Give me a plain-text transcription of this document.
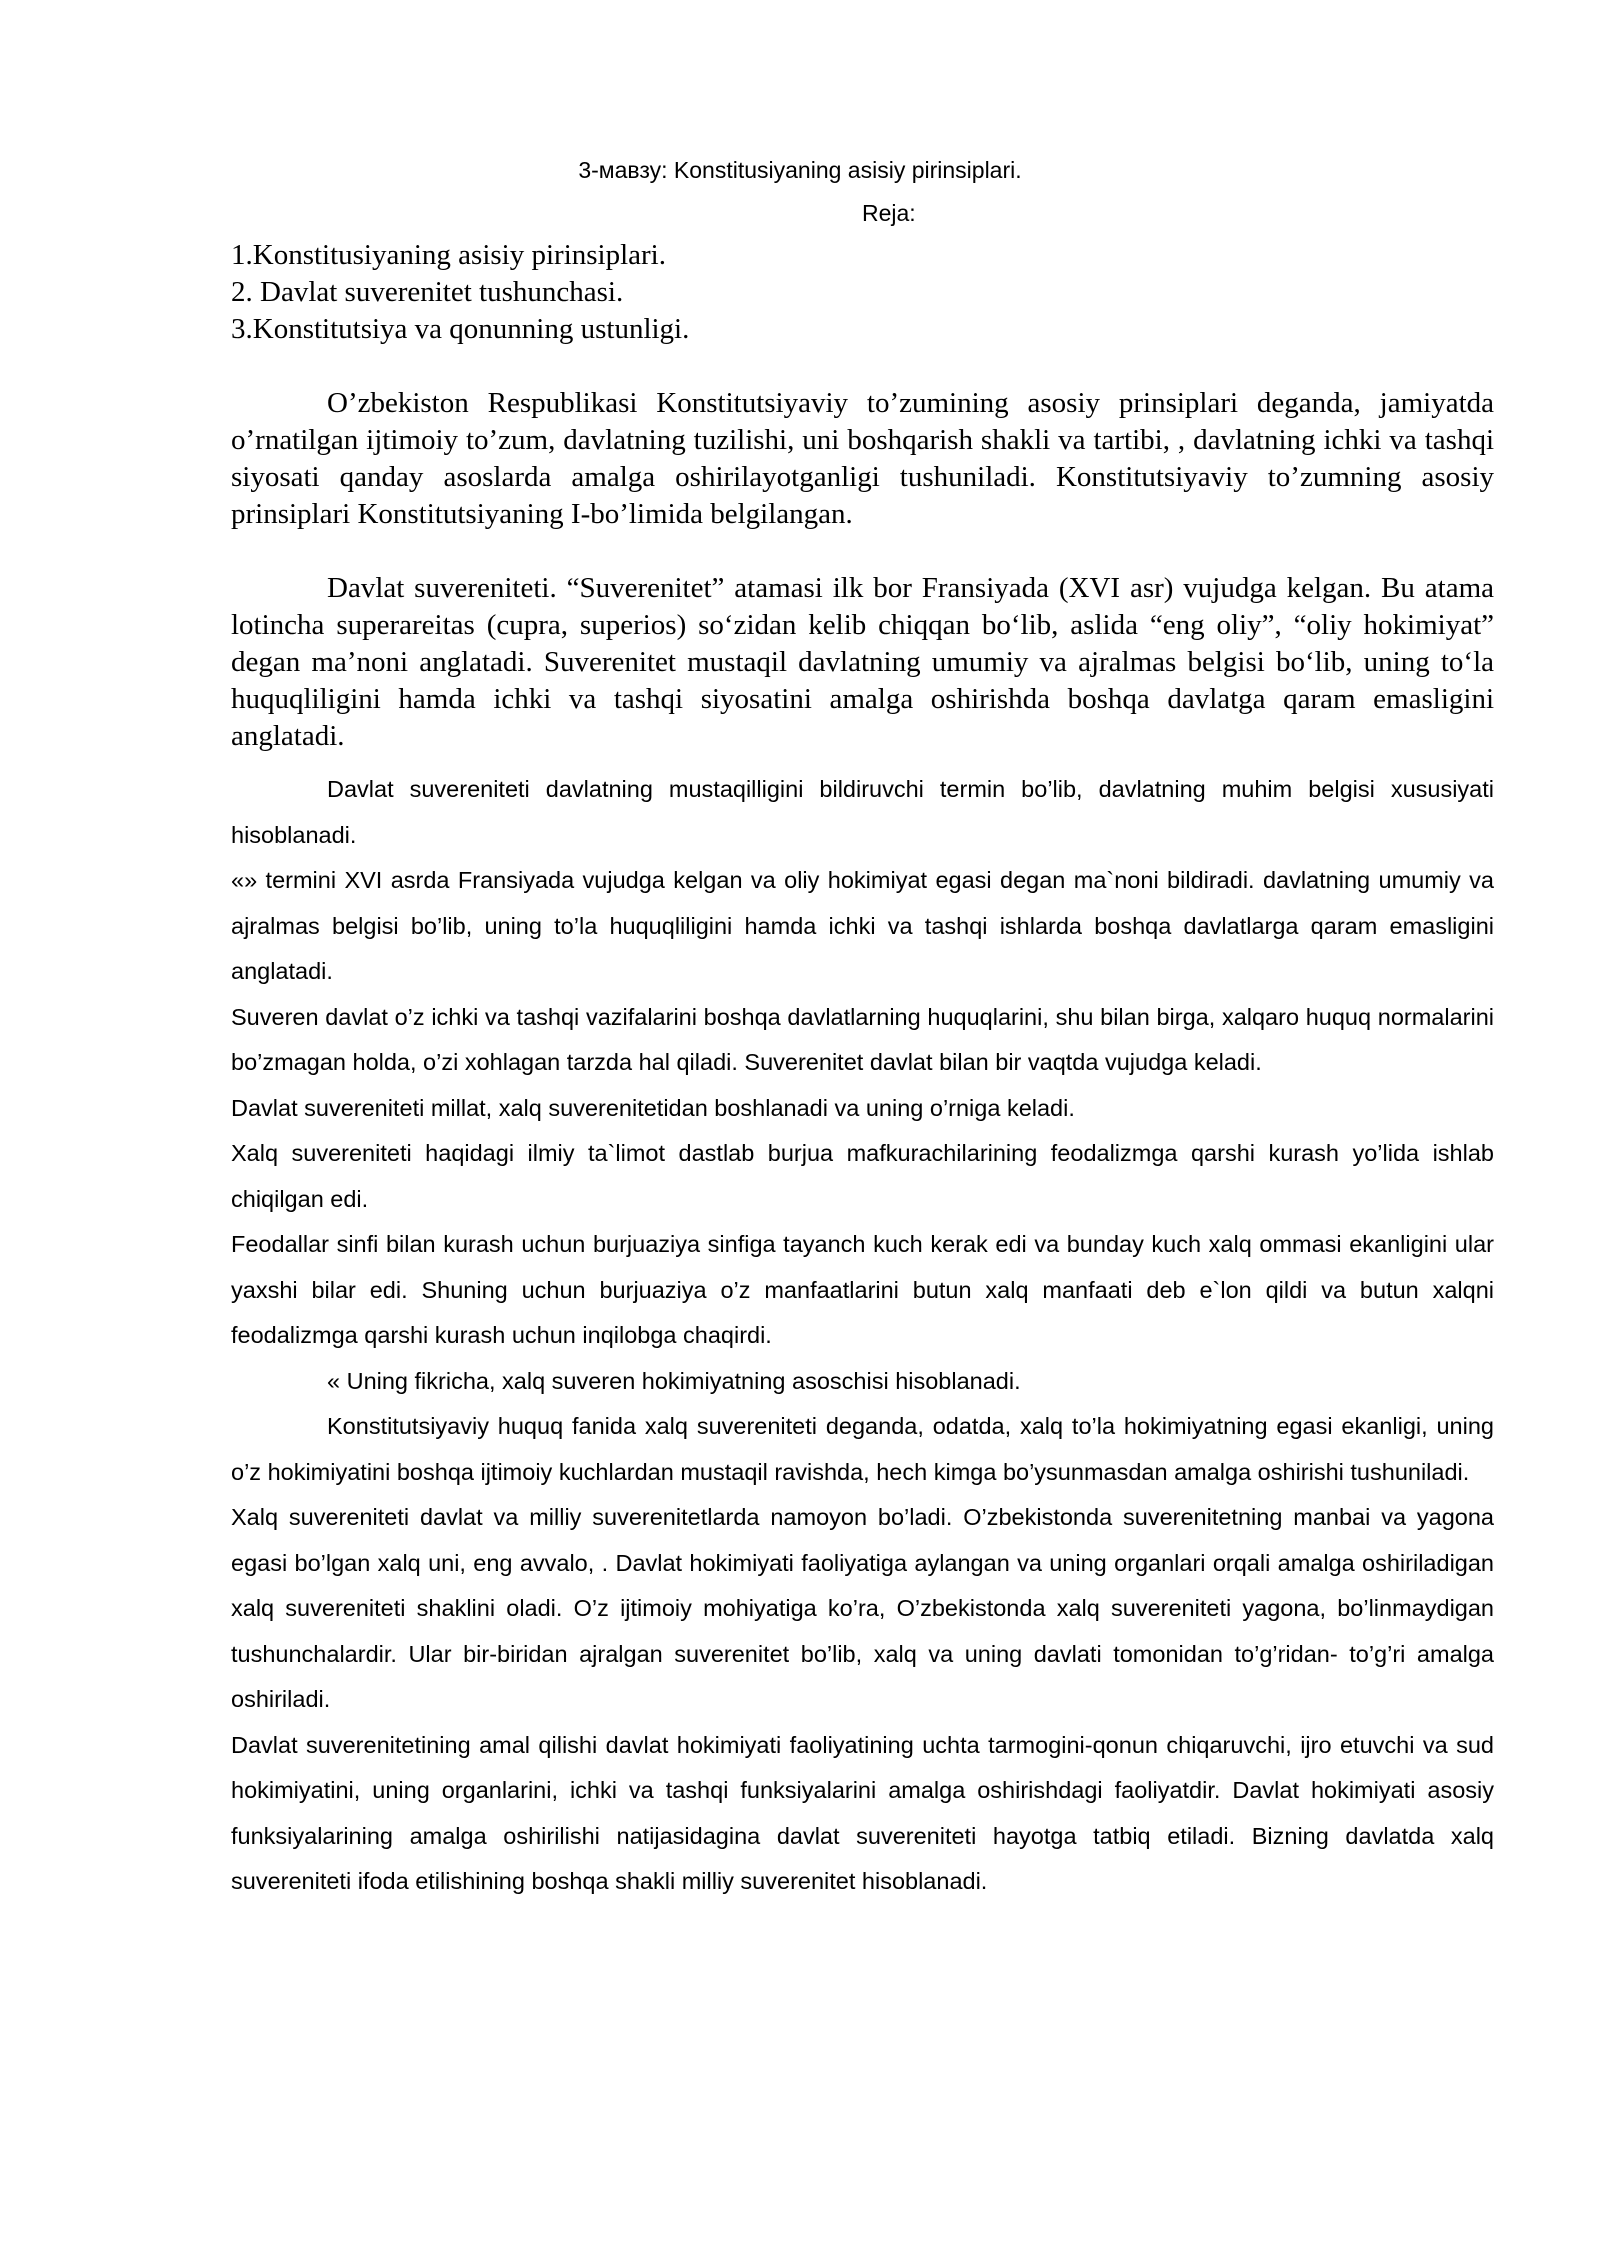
3-мавзу: Konstitusiyaning asisiy pirinsiplari.

Reja:

1.Konstitusiyaning asisiy pirinsiplari.
2. Davlat suverenitet tushunchasi.
3.Konstitutsiya va qonunning ustunligi.

O’zbekiston Respublikasi Konstitutsiyaviy to’zumining asosiy prinsiplari deganda, jamiyatda o’rnatilgan ijtimoiy to’zum, davlatning tuzilishi, uni boshqarish shakli va tartibi, , davlatning ichki va tashqi siyosati qanday asoslarda amalga oshirilayotganligi tushuniladi. Konstitutsiyaviy to’zumning asosiy prinsiplari Konstitutsiyaning I-bo’limida belgilangan.

Davlat suvereniteti. “Suverenitet” atamasi ilk bor Fransiyada (XVI asr) vujudga kelgan. Bu atama lotincha superareitas (cupra, superios) so‘zidan kelib chiqqan bo‘lib, aslida “eng oliy”, “oliy hokimiyat” degan ma’noni anglatadi. Suverenitet mustaqil davlatning umumiy va ajralmas belgisi bo‘lib, uning to‘la huquqliligini hamda ichki va tashqi siyosatini amalga oshirishda boshqa davlatga qaram emasligini anglatadi.

Davlat suvereniteti davlatning mustaqilligini bildiruvchi termin bo’lib, davlatning muhim belgisi xususiyati hisoblanadi.

«» termini XVI asrda Fransiyada vujudga kelgan va oliy hokimiyat egasi degan ma`noni bildiradi. davlatning umumiy va ajralmas belgisi bo’lib, uning to’la huquqliligini hamda ichki va tashqi ishlarda boshqa davlatlarga qaram emasligini anglatadi.

Suveren davlat o’z ichki va tashqi vazifalarini boshqa davlatlarning huquqlarini, shu bilan birga, xalqaro huquq normalarini bo’zmagan holda, o’zi xohlagan tarzda hal qiladi. Suverenitet davlat bilan bir vaqtda vujudga keladi.

Davlat suvereniteti millat, xalq suverenitetidan boshlanadi va uning o’rniga keladi.

Xalq suvereniteti haqidagi ilmiy ta`limot dastlab burjua mafkurachilarining feodalizmga qarshi kurash yo’lida ishlab chiqilgan edi.

Feodallar sinfi bilan kurash uchun burjuaziya sinfiga tayanch kuch kerak edi va bunday kuch xalq ommasi ekanligini ular yaxshi bilar edi. Shuning uchun burjuaziya o’z manfaatlarini butun xalq manfaati deb e`lon qildi va butun xalqni feodalizmga qarshi kurash uchun inqilobga chaqirdi.

« Uning fikricha, xalq suveren hokimiyatning asoschisi hisoblanadi.

Konstitutsiyaviy huquq fanida xalq suvereniteti deganda, odatda, xalq to’la hokimiyatning egasi ekanligi, uning o’z hokimiyatini boshqa ijtimoiy kuchlardan mustaqil ravishda, hech kimga bo’ysunmasdan amalga oshirishi tushuniladi.

Xalq suvereniteti davlat va milliy suverenitetlarda namoyon bo’ladi. O’zbekistonda suverenitetning manbai va yagona egasi bo’lgan xalq uni, eng avvalo, . Davlat hokimiyati faoliyatiga aylangan va uning organlari orqali amalga oshiriladigan xalq suvereniteti shaklini oladi. O’z ijtimoiy mohiyatiga ko’ra, O’zbekistonda xalq suvereniteti yagona, bo’linmaydigan tushunchalardir. Ular bir-biridan ajralgan suverenitet bo’lib, xalq va uning davlati tomonidan to’g’ridan- to’g’ri amalga oshiriladi.

Davlat suverenitetining amal qilishi davlat hokimiyati faoliyatining uchta tarmogini-qonun chiqaruvchi, ijro etuvchi va sud hokimiyatini, uning organlarini, ichki va tashqi funksiyalarini amalga oshirishdagi faoliyatdir. Davlat hokimiyati asosiy funksiyalarining amalga oshirilishi natijasidagina davlat suvereniteti hayotga tatbiq etiladi. Bizning davlatda xalq suvereniteti ifoda etilishining boshqa shakli milliy suverenitet hisoblanadi.
